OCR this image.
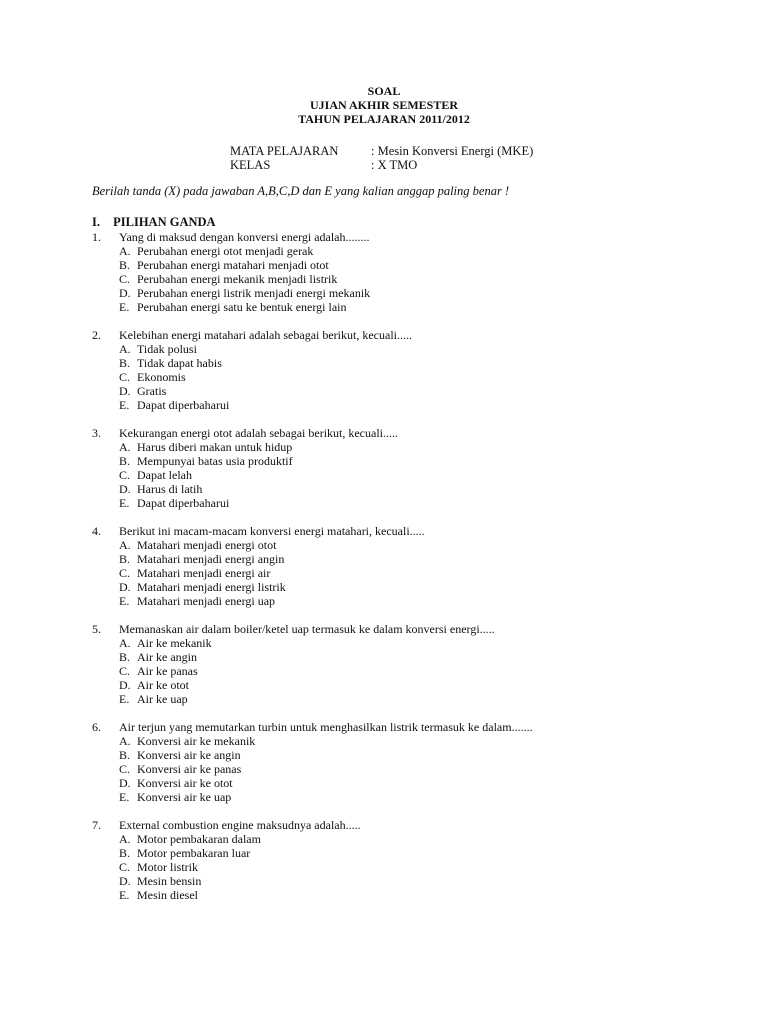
SOAL
UJIAN AKHIR SEMESTER
TAHUN PELAJARAN 2011/2012
MATA PELAJARAN	: Mesin Konversi Energi (MKE)
KELAS	: X TMO
Berilah tanda (X) pada jawaban A,B,C,D dan E yang kalian anggap paling benar !
I. PILIHAN GANDA
1.	Yang di maksud dengan konversi energi adalah........
A. Perubahan energi otot menjadi gerak
B. Perubahan energi matahari menjadi otot
C. Perubahan energi mekanik menjadi listrik
D. Perubahan energi listrik menjadi energi mekanik
E. Perubahan energi satu ke bentuk energi lain
2.	Kelebihan energi matahari adalah sebagai berikut, kecuali.....
A. Tidak polusi
B. Tidak dapat habis
C. Ekonomis
D. Gratis
E. Dapat diperbaharui
3.	Kekurangan energi otot adalah sebagai berikut, kecuali.....
A. Harus diberi makan untuk hidup
B. Mempunyai batas usia produktif
C. Dapat lelah
D. Harus di latih
E. Dapat diperbaharui
4.	Berikut ini macam-macam konversi energi matahari, kecuali.....
A. Matahari menjadi energi otot
B. Matahari menjadi energi angin
C. Matahari menjadi energi air
D. Matahari menjadi energi listrik
E. Matahari menjadi energi uap
5.	Memanaskan air dalam boiler/ketel uap termasuk ke dalam konversi energi.....
A. Air ke mekanik
B. Air ke angin
C. Air ke panas
D. Air ke otot
E. Air ke uap
6.	Air terjun yang memutarkan turbin untuk menghasilkan listrik termasuk ke dalam.......
A. Konversi air ke mekanik
B. Konversi air ke angin
C. Konversi air ke panas
D. Konversi air ke otot
E. Konversi air ke uap
7.	External combustion engine maksudnya adalah.....
A. Motor pembakaran dalam
B. Motor pembakaran luar
C. Motor listrik
D. Mesin bensin
E. Mesin diesel
